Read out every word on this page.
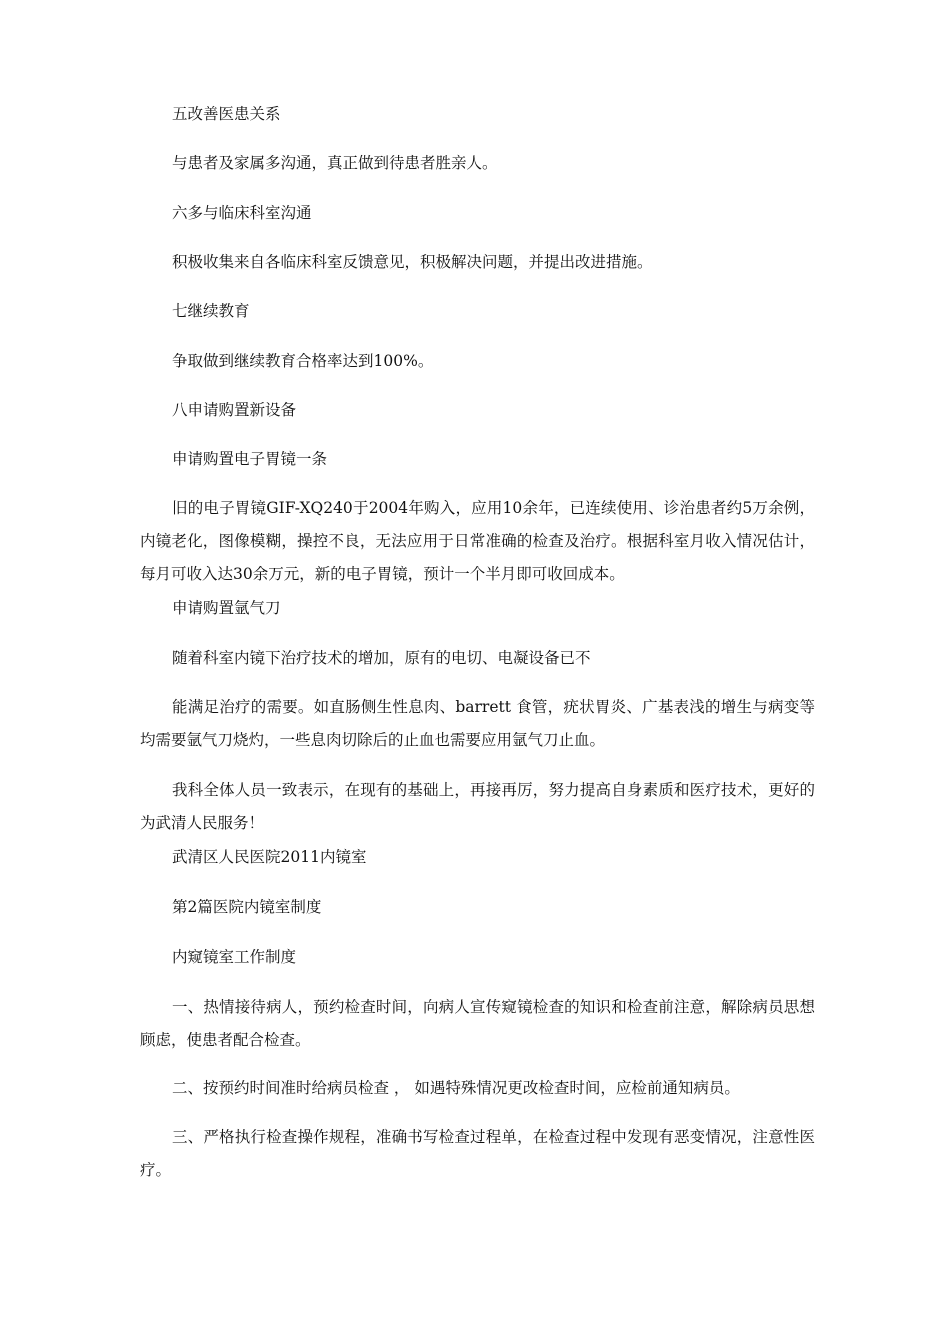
五改善医患关系

与患者及家属多沟通，真正做到待患者胜亲人。

六多与临床科室沟通

积极收集来自各临床科室反馈意见，积极解决问题，并提出改进措施。

七继续教育

争取做到继续教育合格率达到100%。

八申请购置新设备

申请购置电子胃镜一条

旧的电子胃镜GIF-XQ240于2004年购入，应用10余年，已连续使用、诊治患者约5万余例，内镜老化，图像模糊，操控不良，无法应用于日常准确的检查及治疗。根据科室月收入情况估计，每月可收入达30余万元，新的电子胃镜，预计一个半月即可收回成本。

申请购置氩气刀

随着科室内镜下治疗技术的增加，原有的电切、电凝设备已不

能满足治疗的需要。如直肠侧生性息肉、barrett 食管，疣状胃炎、广基表浅的增生与病变等均需要氩气刀烧灼，一些息肉切除后的止血也需要应用氩气刀止血。

我科全体人员一致表示，在现有的基础上，再接再厉，努力提高自身素质和医疗技术，更好的为武清人民服务！

武清区人民医院2011内镜室

第2篇医院内镜室制度

内窥镜室工作制度

一、热情接待病人，预约检查时间，向病人宣传窥镜检查的知识和检查前注意，解除病员思想顾虑，使患者配合检查。

二、按预约时间准时给病员检查 ， 如遇特殊情况更改检查时间，应检前通知病员。

三、严格执行检查操作规程，准确书写检查过程单，在检查过程中发现有恶变情况，注意性医疗。
